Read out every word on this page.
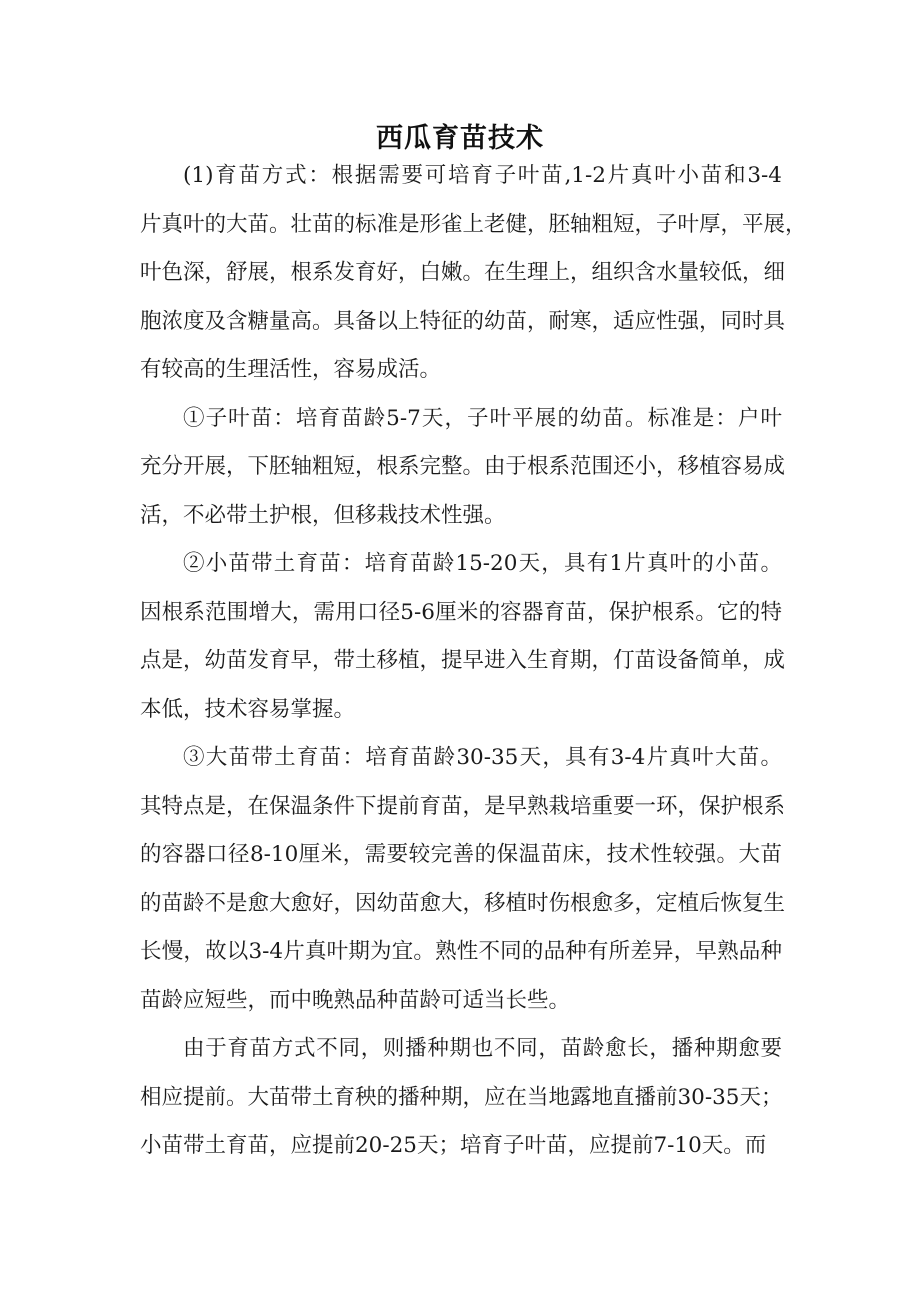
西瓜育苗技术
(1)育苗方式：根据需要可培育子叶苗,1-2片真叶小苗和3-4
片真叶的大苗。壮苗的标准是形雀上老健，胚轴粗短，子叶厚，平展，
叶色深，舒展，根系发育好，白嫩。在生理上，组织含水量较低，细
胞浓度及含糖量高。具备以上特征的幼苗，耐寒，适应性强，同时具
有较高的生理活性，容易成活。
①子叶苗：培育苗龄5-7天，子叶平展的幼苗。标准是：户叶
充分开展，下胚轴粗短，根系完整。由于根系范围还小，移植容易成
活，不必带土护根，但移栽技术性强。
②小苗带土育苗：培育苗龄15-20天，具有1片真叶的小苗。
因根系范围增大，需用口径5-6厘米的容器育苗，保护根系。它的特
点是，幼苗发育早，带土移植，提早进入生育期，仃苗设备简单，成
本低，技术容易掌握。
③大苗带土育苗：培育苗龄30-35天，具有3-4片真叶大苗。
其特点是，在保温条件下提前育苗，是早熟栽培重要一环，保护根系
的容器口径8-10厘米，需要较完善的保温苗床，技术性较强。大苗
的苗龄不是愈大愈好，因幼苗愈大，移植时伤根愈多，定植后恢复生
长慢，故以3-4片真叶期为宜。熟性不同的品种有所差异，早熟品种
苗龄应短些，而中晚熟品种苗龄可适当长些。
由于育苗方式不同，则播种期也不同，苗龄愈长，播种期愈要
相应提前。大苗带土育秧的播种期，应在当地露地直播前30-35天；
小苗带土育苗，应提前20-25天；培育子叶苗，应提前7-10天。而
